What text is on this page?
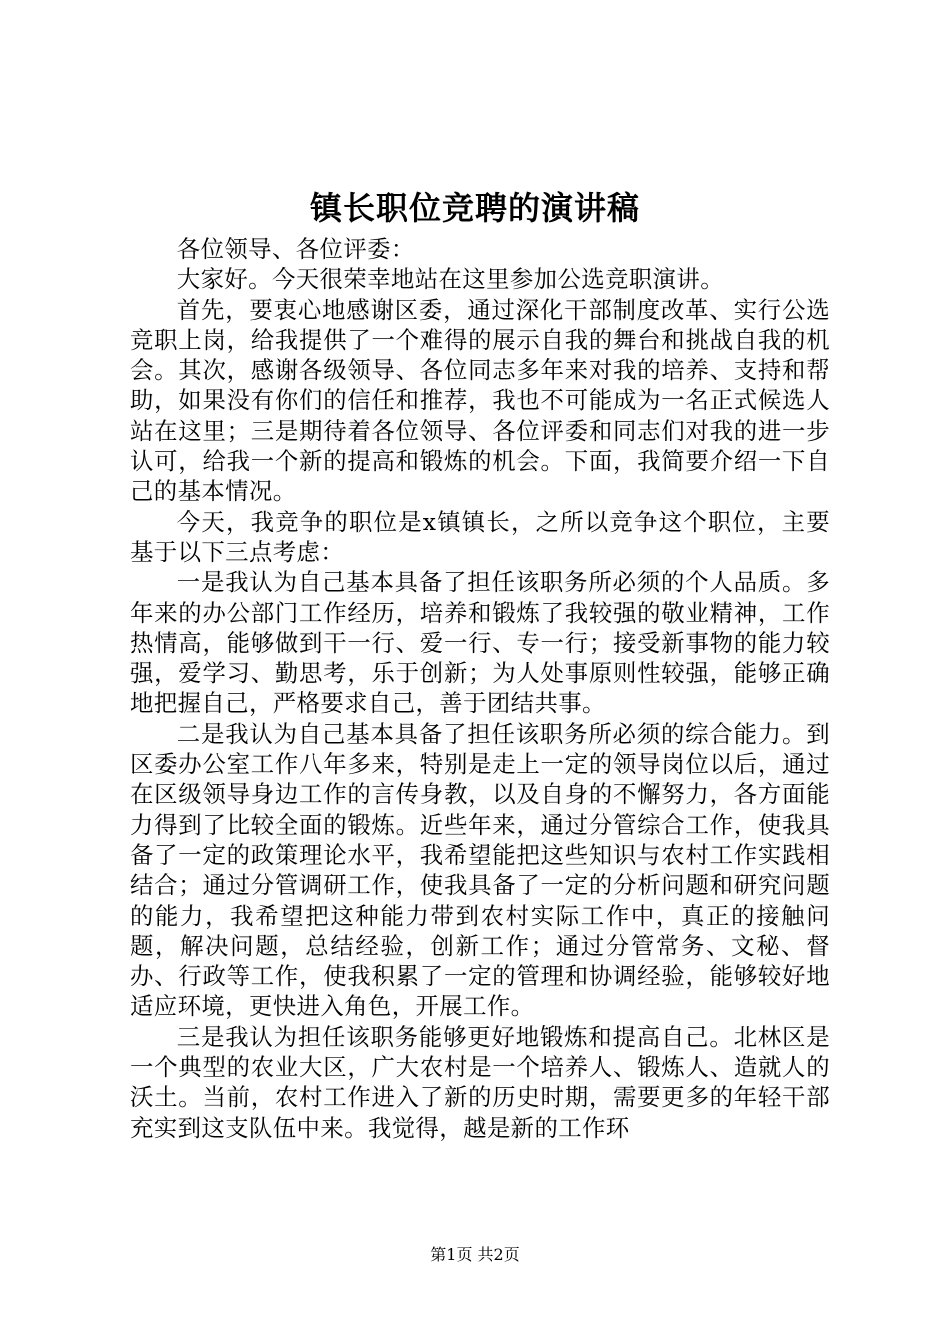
镇长职位竞聘的演讲稿

各位领导、各位评委：

大家好。今天很荣幸地站在这里参加公选竞职演讲。

首先，要衷心地感谢区委，通过深化干部制度改革、实行公选竞职上岗，给我提供了一个难得的展示自我的舞台和挑战自我的机会。其次，感谢各级领导、各位同志多年来对我的培养、支持和帮助，如果没有你们的信任和推荐，我也不可能成为一名正式候选人站在这里；三是期待着各位领导、各位评委和同志们对我的进一步认可，给我一个新的提高和锻炼的机会。下面，我简要介绍一下自己的基本情况。

今天，我竞争的职位是x镇镇长，之所以竞争这个职位，主要基于以下三点考虑：

一是我认为自己基本具备了担任该职务所必须的个人品质。多年来的办公部门工作经历，培养和锻炼了我较强的敬业精神，工作热情高，能够做到干一行、爱一行、专一行；接受新事物的能力较强，爱学习、勤思考，乐于创新；为人处事原则性较强，能够正确地把握自己，严格要求自己，善于团结共事。

二是我认为自己基本具备了担任该职务所必须的综合能力。到区委办公室工作八年多来，特别是走上一定的领导岗位以后，通过在区级领导身边工作的言传身教，以及自身的不懈努力，各方面能力得到了比较全面的锻炼。近些年来，通过分管综合工作，使我具备了一定的政策理论水平，我希望能把这些知识与农村工作实践相结合；通过分管调研工作，使我具备了一定的分析问题和研究问题的能力，我希望把这种能力带到农村实际工作中，真正的接触问题，解决问题，总结经验，创新工作；通过分管常务、文秘、督办、行政等工作，使我积累了一定的管理和协调经验，能够较好地适应环境，更快进入角色，开展工作。

三是我认为担任该职务能够更好地锻炼和提高自己。北林区是一个典型的农业大区，广大农村是一个培养人、锻炼人、造就人的沃土。当前，农村工作进入了新的历史时期，需要更多的年轻干部充实到这支队伍中来。我觉得，越是新的工作环

第1页 共2页
